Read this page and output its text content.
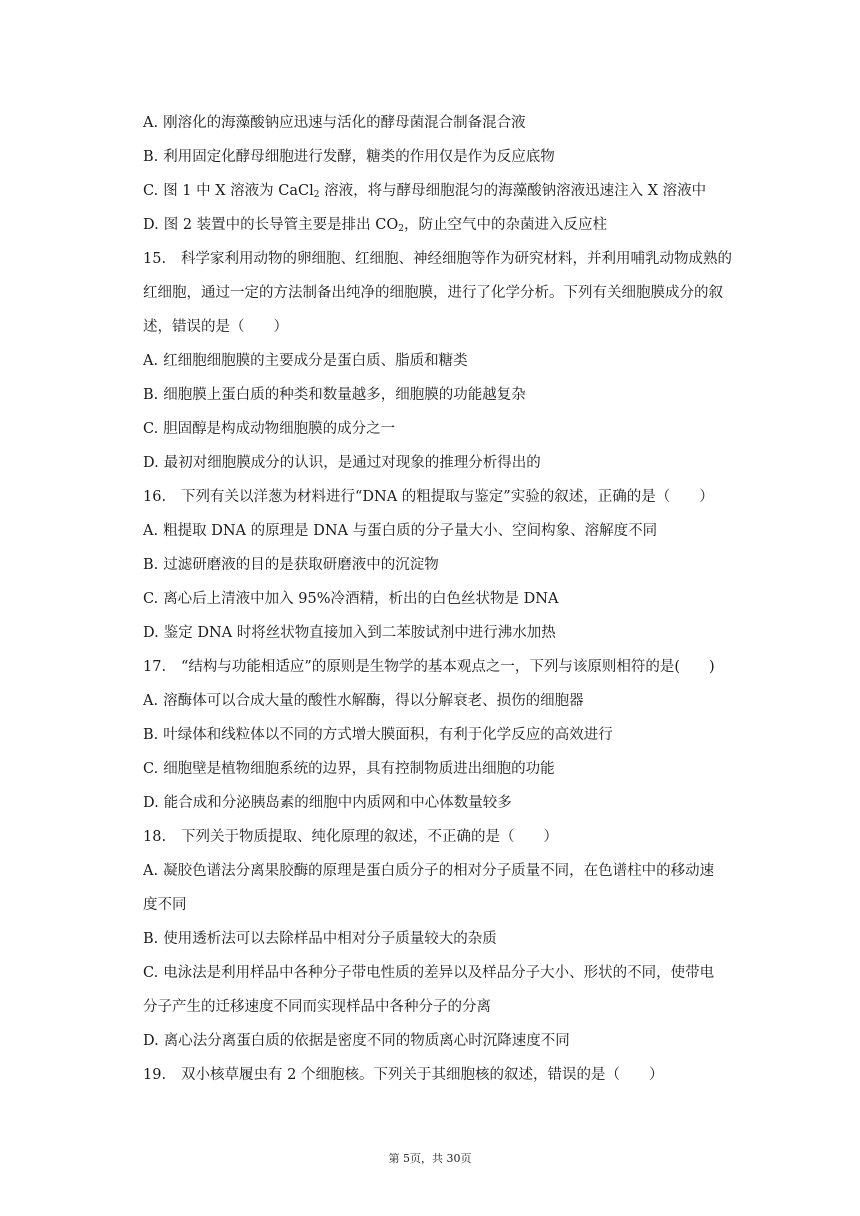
A. 刚溶化的海藻酸钠应迅速与活化的酵母菌混合制备混合液
B. 利用固定化酵母细胞进行发酵，糖类的作用仅是作为反应底物
C. 图 1 中 X 溶液为 CaCl$_2$ 溶液，将与酵母细胞混匀的海藻酸钠溶液迅速注入 X 溶液中
D. 图 2 装置中的长导管主要是排出 $CO_2$，防止空气中的杂菌进入反应柱
15. 科学家利用动物的卵细胞、红细胞、神经细胞等作为研究材料，并利用哺乳动物成熟的
红细胞，通过一定的方法制备出纯净的细胞膜，进行了化学分析。下列有关细胞膜成分的叙
述，错误的是（　　）
A. 红细胞细胞膜的主要成分是蛋白质、脂质和糖类
B. 细胞膜上蛋白质的种类和数量越多，细胞膜的功能越复杂
C. 胆固醇是构成动物细胞膜的成分之一
D. 最初对细胞膜成分的认识，是通过对现象的推理分析得出的
16. 下列有关以洋葱为材料进行“DNA 的粗提取与鉴定”实验的叙述，正确的是（　　）
A. 粗提取 DNA 的原理是 DNA 与蛋白质的分子量大小、空间构象、溶解度不同
B. 过滤研磨液的目的是获取研磨液中的沉淀物
C. 离心后上清液中加入 95%冷酒精，析出的白色丝状物是 DNA
D. 鉴定 DNA 时将丝状物直接加入到二苯胺试剂中进行沸水加热
17. “结构与功能相适应”的原则是生物学的基本观点之一，下列与该原则相符的是(　　)
A. 溶酶体可以合成大量的酸性水解酶，得以分解衰老、损伤的细胞器
B. 叶绿体和线粒体以不同的方式增大膜面积，有利于化学反应的高效进行
C. 细胞壁是植物细胞系统的边界，具有控制物质进出细胞的功能
D. 能合成和分泌胰岛素的细胞中内质网和中心体数量较多
18. 下列关于物质提取、纯化原理的叙述，不正确的是（　　）
A. 凝胶色谱法分离果胶酶的原理是蛋白质分子的相对分子质量不同，在色谱柱中的移动速
度不同
B. 使用透析法可以去除样品中相对分子质量较大的杂质
C. 电泳法是利用样品中各种分子带电性质的差异以及样品分子大小、形状的不同，使带电
分子产生的迁移速度不同而实现样品中各种分子的分离
D. 离心法分离蛋白质的依据是密度不同的物质离心时沉降速度不同
19. 双小核草履虫有 2 个细胞核。下列关于其细胞核的叙述，错误的是（　　）
第 5页，共 30页
